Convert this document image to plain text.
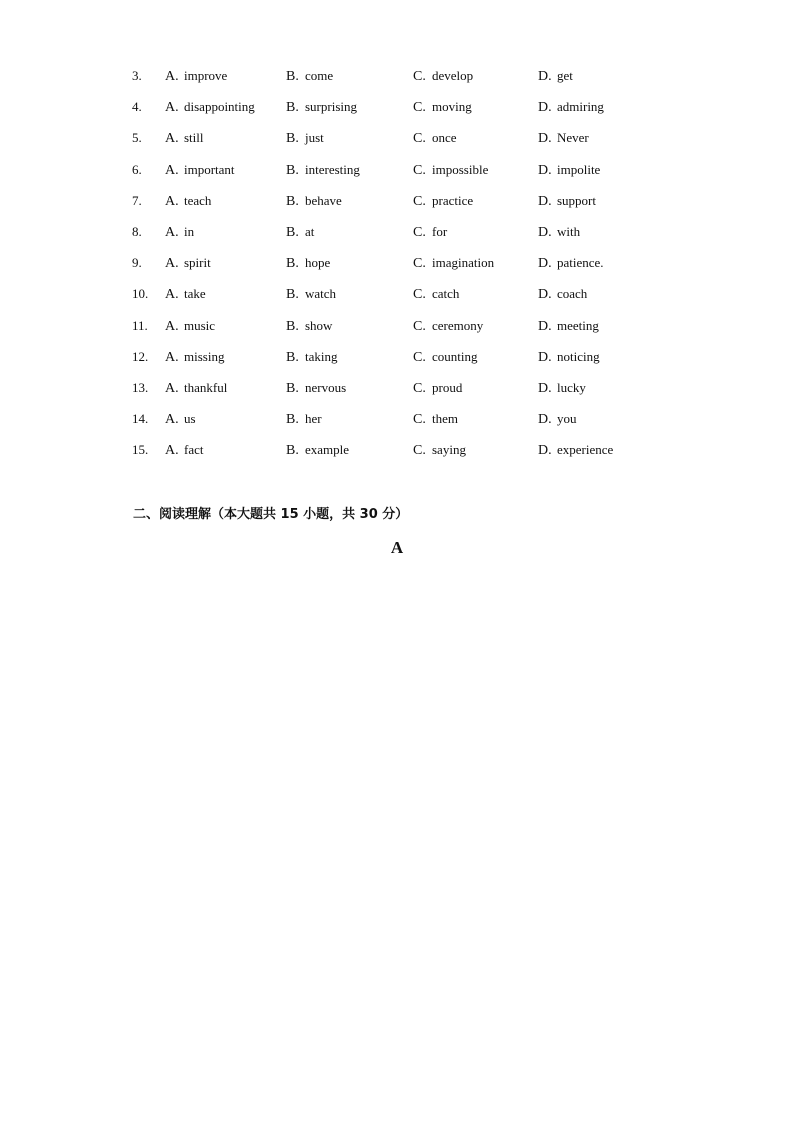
3.	A. improve	B. come	C. develop	D. get
4.	A. disappointing B. surprising	C. moving	D. admiring
5.	A. still	B. just	C. once	D. Never
6.	A. important	B. interesting	C. impossible	D. impolite
7.	A. teach	B. behave	C. practice	D. support
8.	A. in	B. at	C. for	D. with
9.	A. spirit	B. hope	C. imagination	D. patience.
10.	A. take	B. watch	C. catch	D. coach
11.	A. music	B. show	C. ceremony	D. meeting
12.	A. missing	B. taking	C. counting	D. noticing
13.	A. thankful	B. nervous	C. proud	D. lucky
14.	A. us	B. her	C. them	D. you
15.	A. fact	B. example	C. saying	D. experience
二、阅读理解（本大题共 15 小题，共 30 分）
A
